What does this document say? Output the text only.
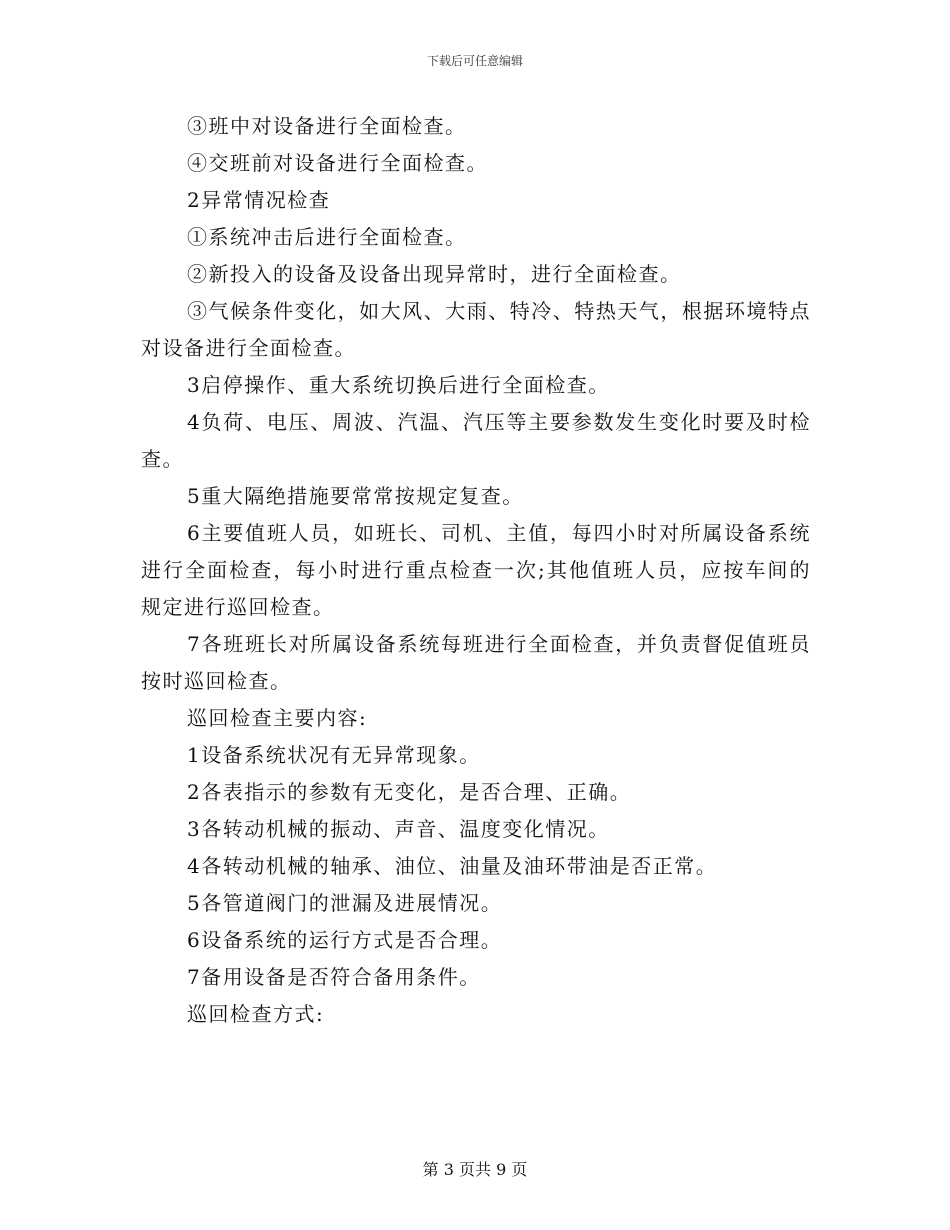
下载后可任意编辑

③班中对设备进行全面检查。

④交班前对设备进行全面检查。

2异常情况检查

①系统冲击后进行全面检查。

②新投入的设备及设备出现异常时，进行全面检查。

③气候条件变化，如大风、大雨、特冷、特热天气，根据环境特点对设备进行全面检查。

3启停操作、重大系统切换后进行全面检查。

4负荷、电压、周波、汽温、汽压等主要参数发生变化时要及时检查。

5重大隔绝措施要常常按规定复查。

6主要值班人员，如班长、司机、主值，每四小时对所属设备系统进行全面检查，每小时进行重点检查一次;其他值班人员，应按车间的规定进行巡回检查。

7各班班长对所属设备系统每班进行全面检查，并负责督促值班员按时巡回检查。

巡回检查主要内容:

1设备系统状况有无异常现象。

2各表指示的参数有无变化，是否合理、正确。

3各转动机械的振动、声音、温度变化情况。

4各转动机械的轴承、油位、油量及油环带油是否正常。

5各管道阀门的泄漏及进展情况。

6设备系统的运行方式是否合理。

7备用设备是否符合备用条件。

巡回检查方式:

第 3 页共 9 页
